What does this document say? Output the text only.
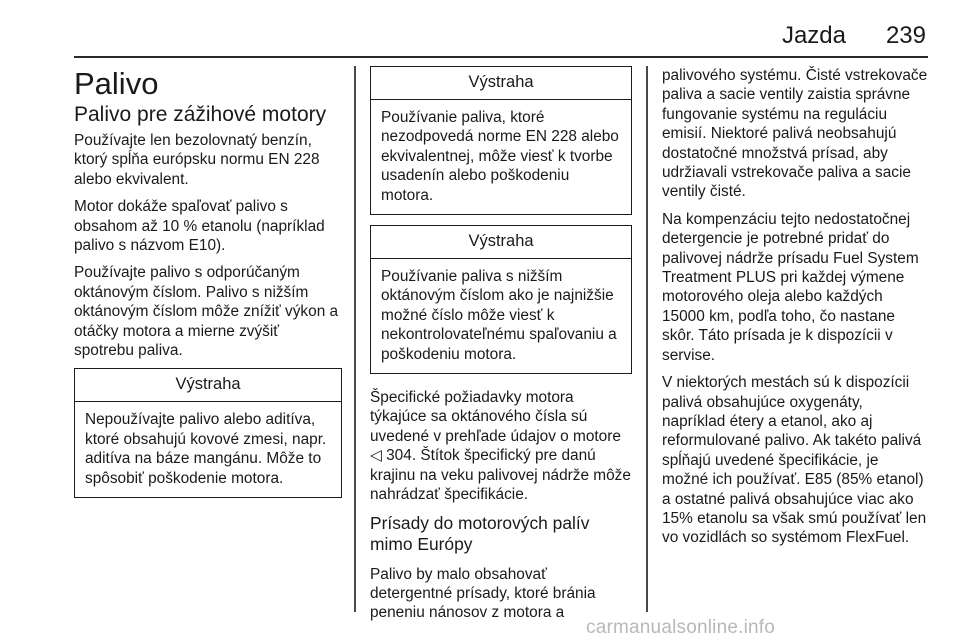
Jazda	239
Palivo
Palivo pre zážihové motory

Používajte len bezolovnatý benzín, ktorý spĺňa európsku normu EN 228 alebo ekvivalent.

Motor dokáže spaľovať palivo s obsahom až 10 % etanolu (napríklad palivo s názvom E10).

Používajte palivo s odporúčaným oktánovým číslom. Palivo s nižším oktánovým číslom môže znížiť výkon a otáčky motora a mierne zvýšiť spotrebu paliva.

Výstraha
Nepoužívajte palivo alebo aditíva, ktoré obsahujú kovové zmesi, napr. aditíva na báze mangánu. Môže to spôsobiť poškodenie motora.
Výstraha
Používanie paliva, ktoré nezodpovedá norme EN 228 alebo ekvivalentnej, môže viesť k tvorbe usadenín alebo poškodeniu motora.
Výstraha
Používanie paliva s nižším oktánovým číslom ako je najnižšie možné číslo môže viesť k nekontrolovateľnému spaľovaniu a poškodeniu motora.

Špecifické požiadavky motora týkajúce sa oktánového čísla sú uvedené v prehľade údajov o motore ◁ 304. Štítok špecifický pre danú krajinu na veku palivovej nádrže môže nahrádzať špecifikácie.

Prísady do motorových palív mimo Európy

Palivo by malo obsahovať detergentné prísady, ktoré bránia peneniu nánosov z motora a

palivového systému. Čisté vstrekovače paliva a sacie ventily zaistia správne fungovanie systému na reguláciu emisií. Niektoré palivá neobsahujú dostatočné množstvá prísad, aby udržiavali vstrekovače paliva a sacie ventily čisté.

Na kompenzáciu tejto nedostatočnej detergencie je potrebné pridať do palivovej nádrže prísadu Fuel System Treatment PLUS pri každej výmene motorového oleja alebo každých 15000 km, podľa toho, čo nastane skôr. Táto prísada je k dispozícii v servise.

V niektorých mestách sú k dispozícii palivá obsahujúce oxygenáty, napríklad étery a etanol, ako aj reformulované palivo. Ak takéto palivá spĺňajú uvedené špecifikácie, je možné ich používať. E85 (85% etanol) a ostatné palivá obsahujúce viac ako 15% etanolu sa však smú používať len vo vozidlách so systémom FlexFuel.

carmanualsonline.info
